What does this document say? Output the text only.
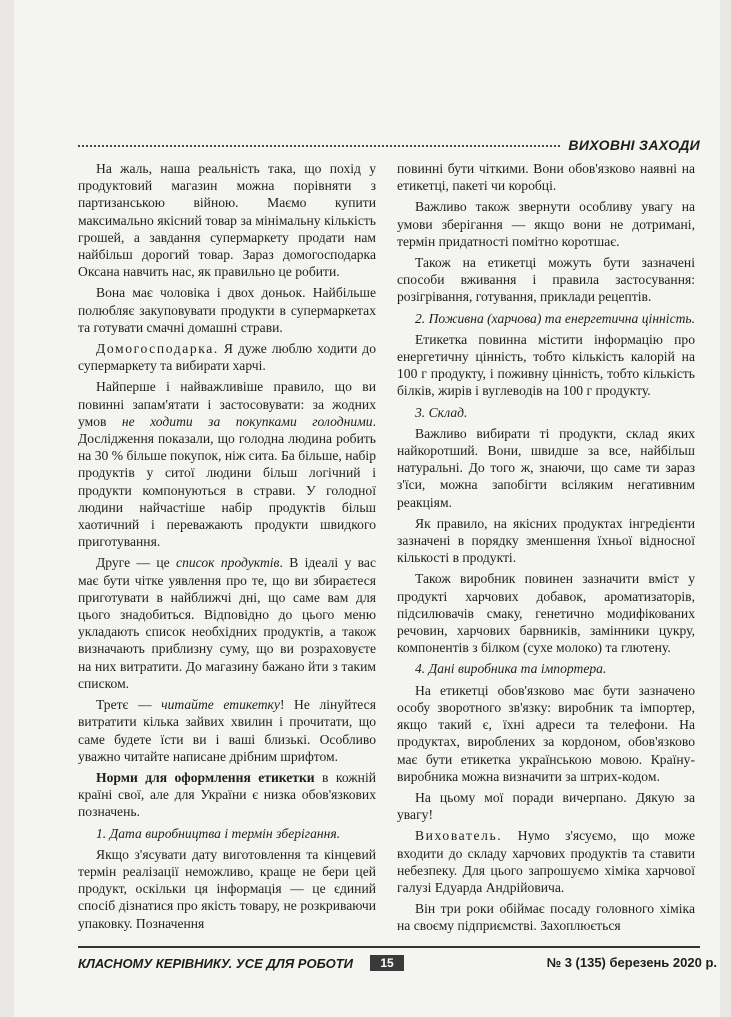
ВИХОВНІ ЗАХОДИ

На жаль, наша реальність така, що похід у продуктовий магазин можна порівняти з партизанською війною. Маємо купити максимально якісний товар за мінімальну кількість грошей, а завдання супермаркету продати нам найбільш дорогий товар. Зараз домогосподарка Оксана навчить нас, як правильно це робити.

Вона має чоловіка і двох доньок. Найбільше полюбляє закуповувати продукти в супермаркетах та готувати смачні домашні страви.

Домогосподарка. Я дуже люблю ходити до супермаркету та вибирати харчі.

Найперше і найважливіше правило, що ви повинні запам'ятати і застосовувати: за жодних умов не ходити за покупками голодними. Дослідження показали, що голодна людина робить на 30 % більше покупок, ніж сита. Ба більше, набір продуктів у ситої людини більш логічний і продукти компонуються в страви. У голодної людини найчастіше набір продуктів більш хаотичний і переважають продукти швидкого приготування.

Друге — це список продуктів. В ідеалі у вас має бути чітке уявлення про те, що ви збираєтеся приготувати в найближчі дні, що саме вам для цього знадобиться. Відповідно до цього меню укладають список необхідних продуктів, а також визначають приблизну суму, що ви розраховуєте на них витратити. До магазину бажано йти з таким списком.

Третє — читайте етикетку! Не лінуйтеся витратити кілька зайвих хвилин і прочитати, що саме будете їсти ви і ваші близькі. Особливо уважно читайте написане дрібним шрифтом.

Норми для оформлення етикетки в кожній країні свої, але для України є низка обов'язкових позначень.

1. Дата виробництва і термін зберігання.

Якщо з'ясувати дату виготовлення та кінцевий термін реалізації неможливо, краще не бери цей продукт, оскільки ця інформація — це єдиний спосіб дізнатися про якість товару, не розкриваючи упаковку. Позначення

повинні бути чіткими. Вони обов'язково наявні на етикетці, пакеті чи коробці.

Важливо також звернути особливу увагу на умови зберігання — якщо вони не дотримані, термін придатності помітно коротшає.

Також на етикетці можуть бути зазначені способи вживання і правила застосування: розігрівання, готування, приклади рецептів.

2. Поживна (харчова) та енергетична цінність.

Етикетка повинна містити інформацію про енергетичну цінність, тобто кількість калорій на 100 г продукту, і поживну цінність, тобто кількість білків, жирів і вуглеводів на 100 г продукту.

3. Склад.

Важливо вибирати ті продукти, склад яких найкоротший. Вони, швидше за все, найбільш натуральні. До того ж, знаючи, що саме ти зараз з'їси, можна запобігти всіляким негативним реакціям.

Як правило, на якісних продуктах інгредієнти зазначені в порядку зменшення їхньої відносної кількості в продукті.

Також виробник повинен зазначити вміст у продукті харчових добавок, ароматизаторів, підсилювачів смаку, генетично модифікованих речовин, харчових барвників, замінники цукру, компонентів з білком (сухе молоко) та глютену.

4. Дані виробника та імпортера.

На етикетці обов'язково має бути зазначено особу зворотного зв'язку: виробник та імпортер, якщо такий є, їхні адреси та телефони. На продуктах, вироблених за кордоном, обов'язково має бути етикетка українською мовою. Країну-виробника можна визначити за штрих-кодом.

На цьому мої поради вичерпано. Дякую за увагу!

Вихователь. Нумо з'ясуємо, що може входити до складу харчових продуктів та ставити небезпеку. Для цього запрошуємо хіміка харчової галузі Едуарда Андрійовича.

Він три роки обіймає посаду головного хіміка на своєму підприємстві. Захоплюється

КЛАСНОМУ КЕРІВНИКУ. УСЕ ДЛЯ РОБОТИ	15	№ 3 (135) березень 2020 р.
